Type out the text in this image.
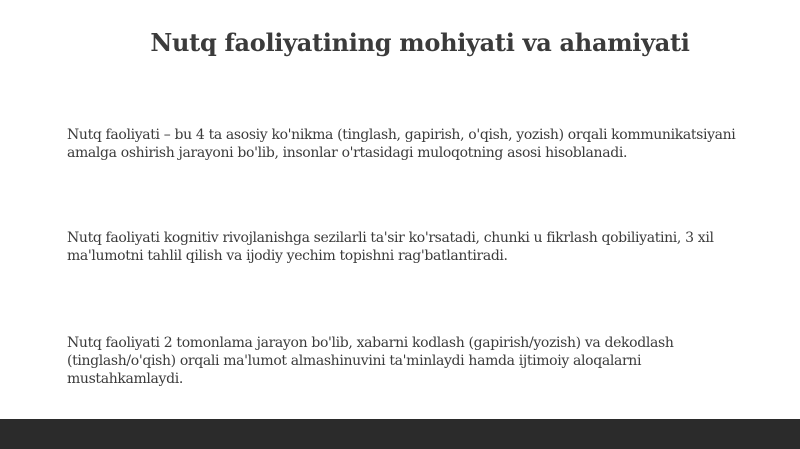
Nutq faoliyatining mohiyati va ahamiyati

Nutq faoliyati – bu 4 ta asosiy ko'nikma (tinglash, gapirish, o'qish, yozish) orqali kommunikatsiyani amalga oshirish jarayoni bo'lib, insonlar o'rtasidagi muloqotning asosi hisoblanadi.

Nutq faoliyati kognitiv rivojlanishga sezilarli ta'sir ko'rsatadi, chunki u fikrlash qobiliyatini, 3 xil ma'lumotni tahlil qilish va ijodiy yechim topishni rag'batlantiradi.

Nutq faoliyati 2 tomonlama jarayon bo'lib, xabarni kodlash (gapirish/yozish) va dekodlash (tinglash/o'qish) orqali ma'lumot almashinuvini ta'minlaydi hamda ijtimoiy aloqalarni mustahkamlaydi.
